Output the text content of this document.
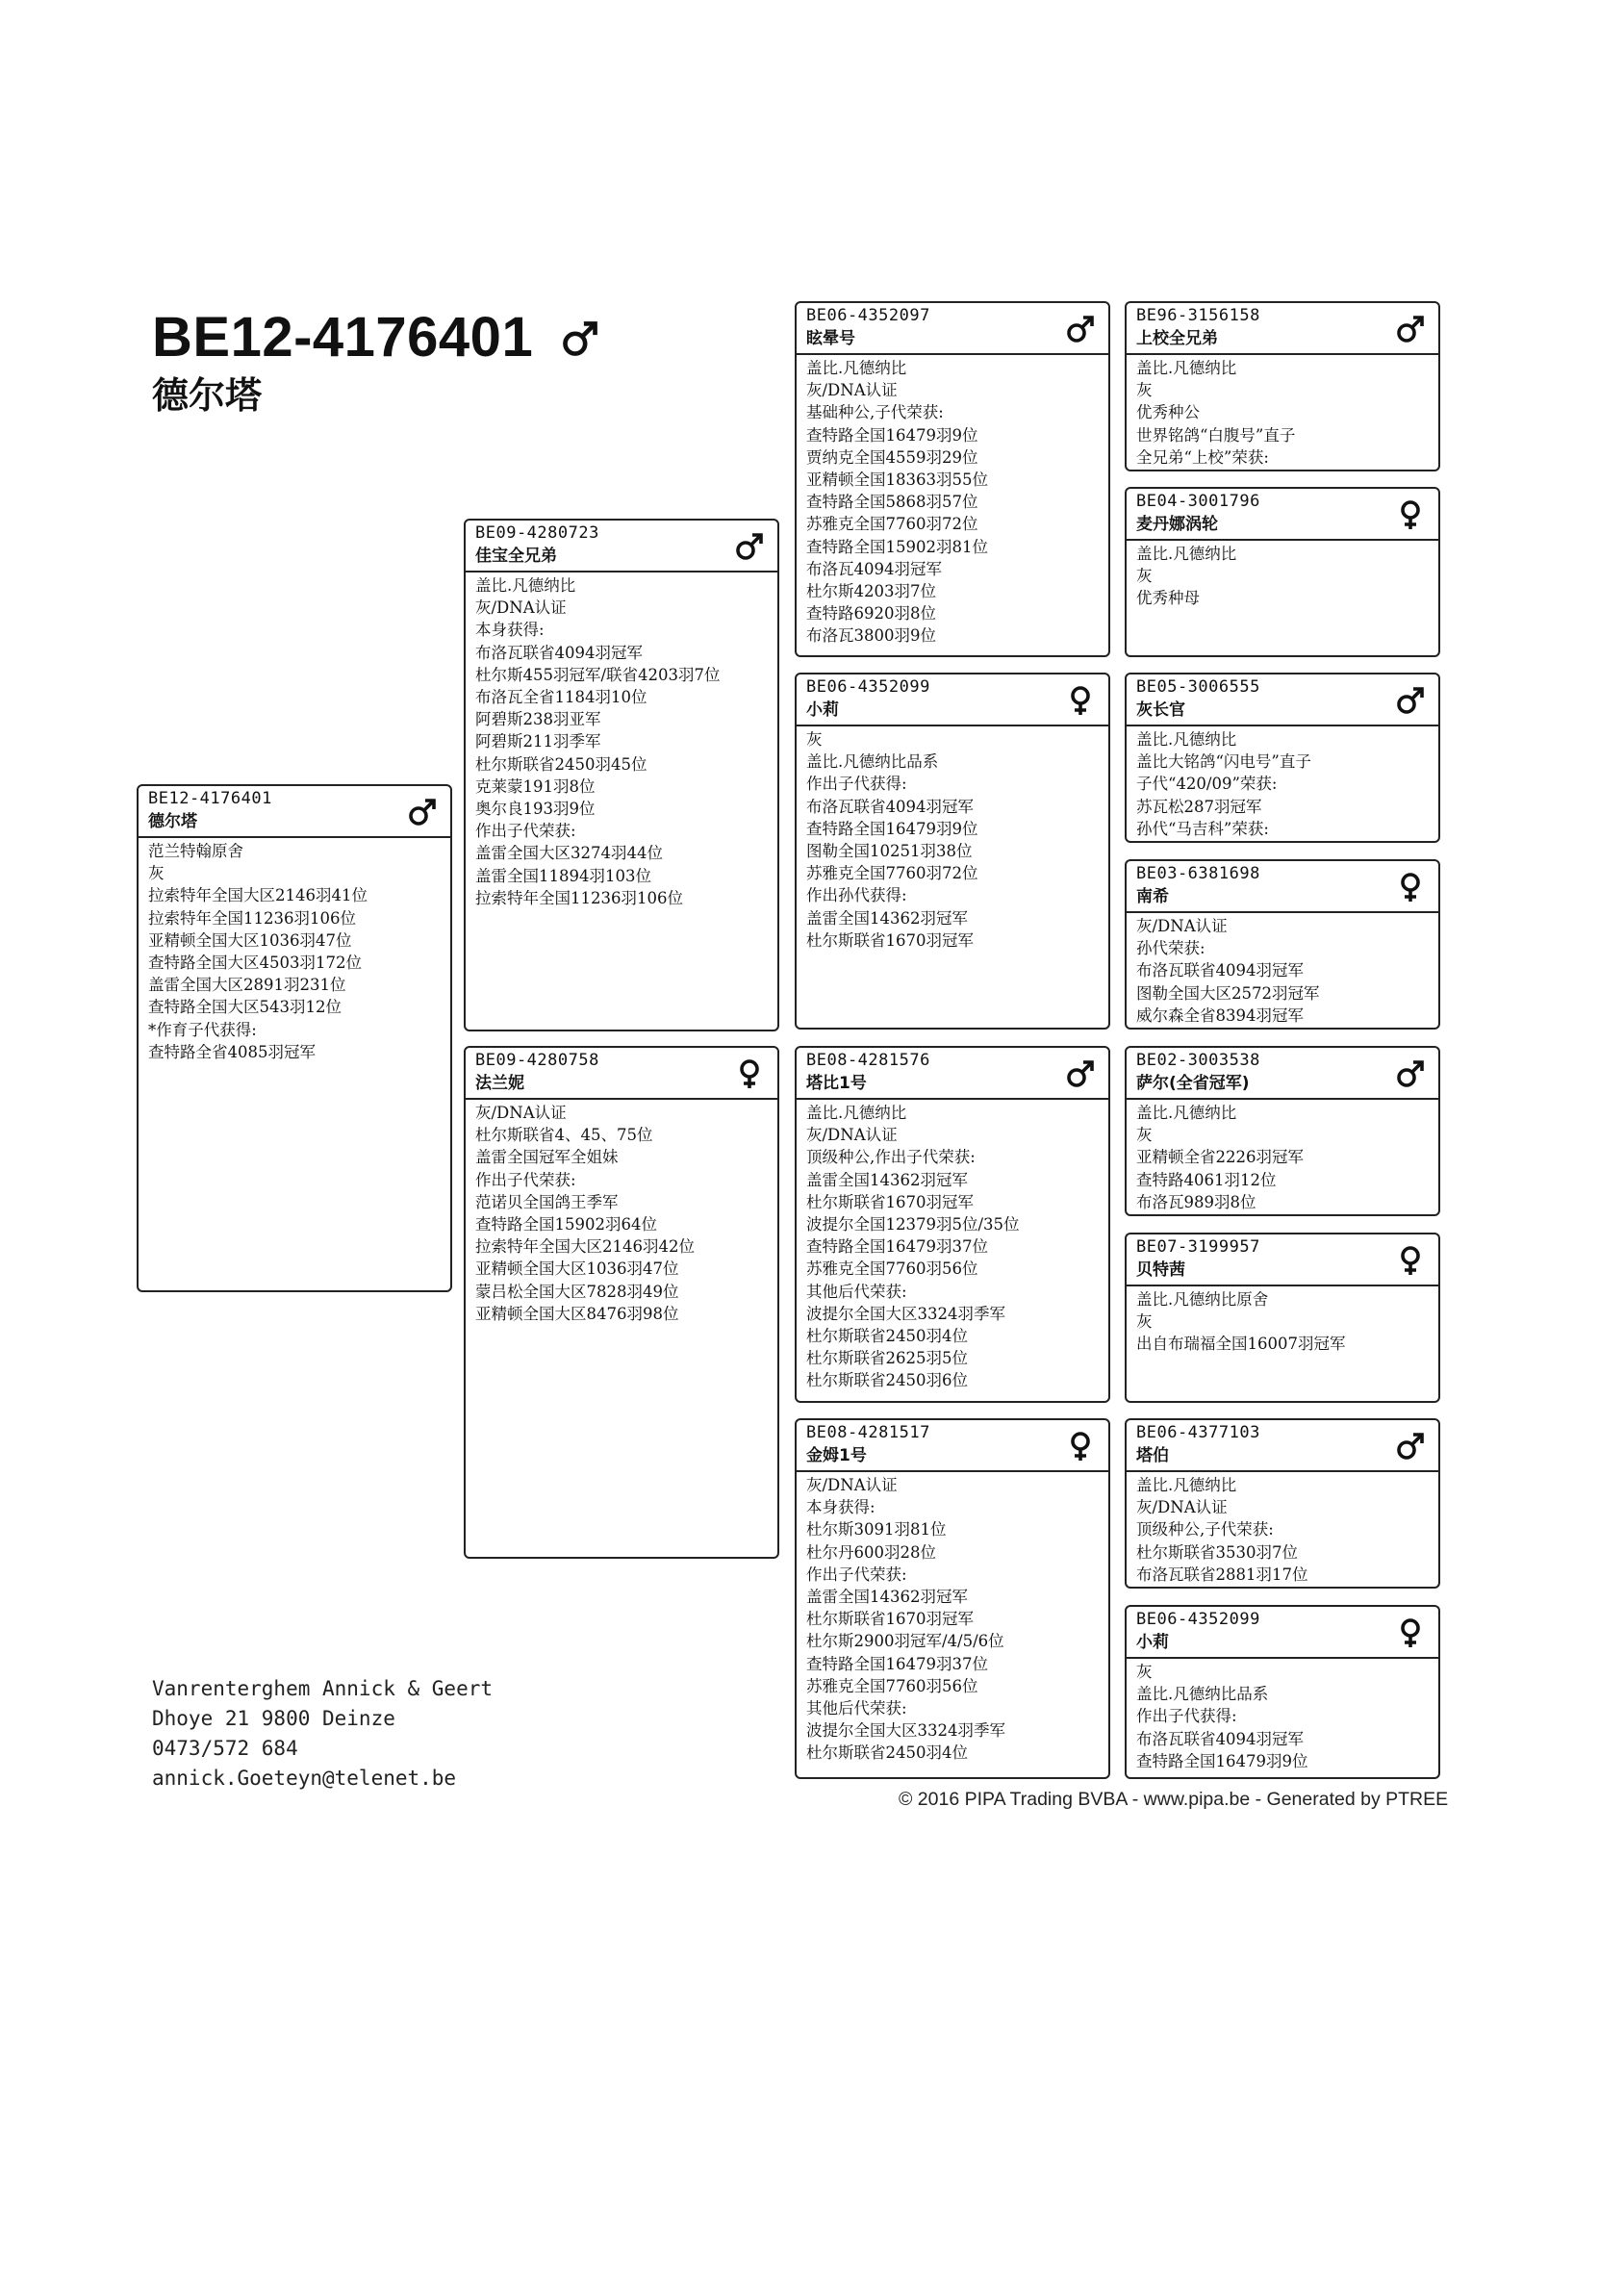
BE12-4176401
德尔塔
BE12-4176401
德尔塔
范兰特翰原舍
灰
拉索特年全国大区2146羽41位
拉索特年全国11236羽106位
亚精顿全国大区1036羽47位
查特路全国大区4503羽172位
盖雷全国大区2891羽231位
查特路全国大区543羽12位
*作育子代获得:
查特路全省4085羽冠军
BE09-4280723
佳宝全兄弟
盖比.凡德纳比
灰/DNA认证
本身获得:
布洛瓦联省4094羽冠军
杜尔斯455羽冠军/联省4203羽7位
布洛瓦全省1184羽10位
阿碧斯238羽亚军
阿碧斯211羽季军
杜尔斯联省2450羽45位
克莱蒙191羽8位
奥尔良193羽9位
作出子代荣获:
盖雷全国大区3274羽44位
盖雷全国11894羽103位
拉索特年全国11236羽106位
BE09-4280758
法兰妮
灰/DNA认证
杜尔斯联省4、45、75位
盖雷全国冠军全姐妹
作出子代荣获:
范诺贝全国鸽王季军
查特路全国15902羽64位
拉索特年全国大区2146羽42位
亚精顿全国大区1036羽47位
蒙吕松全国大区7828羽49位
亚精顿全国大区8476羽98位
BE06-4352097
眩晕号
盖比.凡德纳比
灰/DNA认证
基础种公,子代荣获:
查特路全国16479羽9位
贾纳克全国4559羽29位
亚精顿全国18363羽55位
查特路全国5868羽57位
苏雅克全国7760羽72位
查特路全国15902羽81位
布洛瓦4094羽冠军
杜尔斯4203羽7位
查特路6920羽8位
布洛瓦3800羽9位
BE06-4352099
小莉
灰
盖比.凡德纳比品系
作出子代获得:
布洛瓦联省4094羽冠军
查特路全国16479羽9位
图勒全国10251羽38位
苏雅克全国7760羽72位
作出孙代获得:
盖雷全国14362羽冠军
杜尔斯联省1670羽冠军
BE08-4281576
塔比1号
盖比.凡德纳比
灰/DNA认证
顶级种公,作出子代荣获:
盖雷全国14362羽冠军
杜尔斯联省1670羽冠军
波提尔全国12379羽5位/35位
查特路全国16479羽37位
苏雅克全国7760羽56位
其他后代荣获:
波提尔全国大区3324羽季军
杜尔斯联省2450羽4位
杜尔斯联省2625羽5位
杜尔斯联省2450羽6位
BE08-4281517
金姆1号
灰/DNA认证
本身获得:
杜尔斯3091羽81位
杜尔丹600羽28位
作出子代荣获:
盖雷全国14362羽冠军
杜尔斯联省1670羽冠军
杜尔斯2900羽冠军/4/5/6位
查特路全国16479羽37位
苏雅克全国7760羽56位
其他后代荣获:
波提尔全国大区3324羽季军
杜尔斯联省2450羽4位
BE96-3156158
上校全兄弟
盖比.凡德纳比
灰
优秀种公
世界铭鸽“白腹号”直子
全兄弟“上校”荣获:
BE04-3001796
麦丹娜涡轮
盖比.凡德纳比
灰
优秀种母
BE05-3006555
灰长官
盖比.凡德纳比
盖比大铭鸽“闪电号”直子
子代“420/09”荣获:
苏瓦松287羽冠军
孙代“马吉科”荣获:
BE03-6381698
南希
灰/DNA认证
孙代荣获:
布洛瓦联省4094羽冠军
图勒全国大区2572羽冠军
威尔森全省8394羽冠军
BE02-3003538
萨尔(全省冠军)
盖比.凡德纳比
灰
亚精顿全省2226羽冠军
查特路4061羽12位
布洛瓦989羽8位
BE07-3199957
贝特茜
盖比.凡德纳比原舍
灰
出自布瑞福全国16007羽冠军
BE06-4377103
塔伯
盖比.凡德纳比
灰/DNA认证
顶级种公,子代荣获:
杜尔斯联省3530羽7位
布洛瓦联省2881羽17位
BE06-4352099
小莉
灰
盖比.凡德纳比品系
作出子代获得:
布洛瓦联省4094羽冠军
查特路全国16479羽9位
Vanrenterghem Annick & Geert
Dhoye 21 9800 Deinze
0473/572 684
annick.Goeteyn@telenet.be
© 2016 PIPA Trading BVBA - www.pipa.be - Generated by PTREE
